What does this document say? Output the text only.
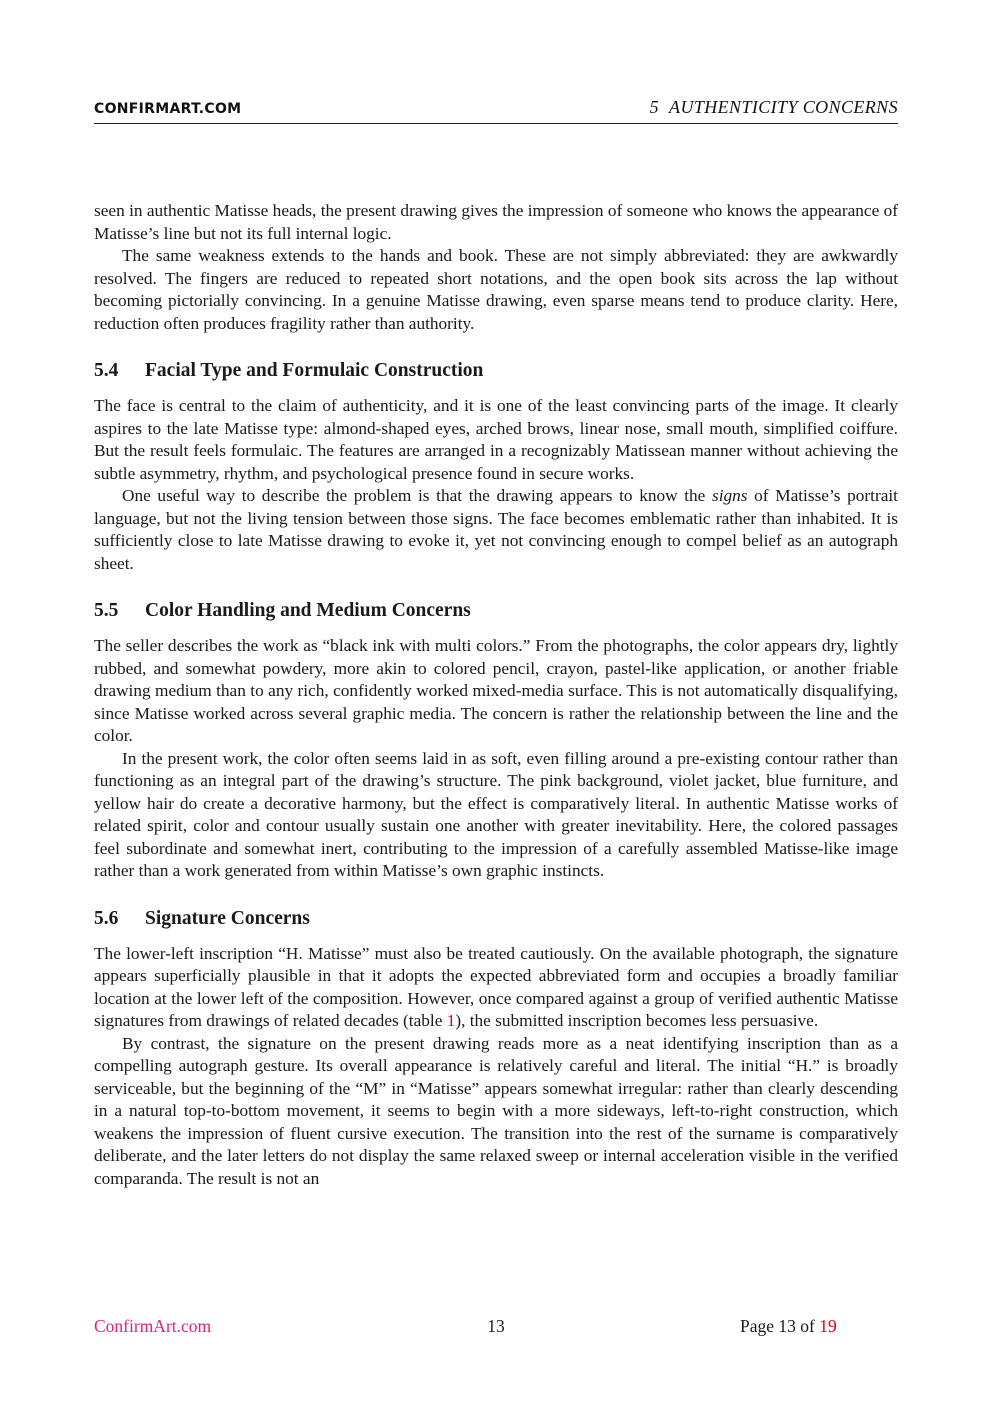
CONFIRMART.COM	5 AUTHENTICITY CONCERNS

seen in authentic Matisse heads, the present drawing gives the impression of someone who knows the appearance of Matisse’s line but not its full internal logic.

The same weakness extends to the hands and book. These are not simply abbreviated: they are awkwardly resolved. The fingers are reduced to repeated short notations, and the open book sits across the lap without becoming pictorially convincing. In a genuine Matisse drawing, even sparse means tend to produce clarity. Here, reduction often produces fragility rather than authority.

5.4 Facial Type and Formulaic Construction

The face is central to the claim of authenticity, and it is one of the least convincing parts of the image. It clearly aspires to the late Matisse type: almond-shaped eyes, arched brows, linear nose, small mouth, simplified coiffure. But the result feels formulaic. The features are arranged in a recognizably Matissean manner without achieving the subtle asymmetry, rhythm, and psychological presence found in secure works.

One useful way to describe the problem is that the drawing appears to know the signs of Matisse’s portrait language, but not the living tension between those signs. The face becomes emblematic rather than inhabited. It is sufficiently close to late Matisse drawing to evoke it, yet not convincing enough to compel belief as an autograph sheet.

5.5 Color Handling and Medium Concerns

The seller describes the work as “black ink with multi colors.” From the photographs, the color appears dry, lightly rubbed, and somewhat powdery, more akin to colored pencil, crayon, pastel-like application, or another friable drawing medium than to any rich, confidently worked mixed-media surface. This is not automatically disqualifying, since Matisse worked across several graphic media. The concern is rather the relationship between the line and the color.

In the present work, the color often seems laid in as soft, even filling around a pre-existing contour rather than functioning as an integral part of the drawing’s structure. The pink background, violet jacket, blue furniture, and yellow hair do create a decorative harmony, but the effect is comparatively literal. In authentic Matisse works of related spirit, color and contour usually sustain one another with greater inevitability. Here, the colored passages feel subordinate and somewhat inert, contributing to the impression of a carefully assembled Matisse-like image rather than a work generated from within Matisse’s own graphic instincts.

5.6 Signature Concerns

The lower-left inscription “H. Matisse” must also be treated cautiously. On the available photograph, the signature appears superficially plausible in that it adopts the expected abbreviated form and occupies a broadly familiar location at the lower left of the composition. However, once compared against a group of verified authentic Matisse signatures from drawings of related decades (table 1), the submitted inscription becomes less persuasive.

By contrast, the signature on the present drawing reads more as a neat identifying inscription than as a compelling autograph gesture. Its overall appearance is relatively careful and literal. The initial “H.” is broadly serviceable, but the beginning of the “M” in “Matisse” appears somewhat irregular: rather than clearly descending in a natural top-to-bottom movement, it seems to begin with a more sideways, left-to-right construction, which weakens the impression of fluent cursive execution. The transition into the rest of the surname is comparatively deliberate, and the later letters do not display the same relaxed sweep or internal acceleration visible in the verified comparanda. The result is not an

ConfirmArt.com	13	Page 13 of 19
